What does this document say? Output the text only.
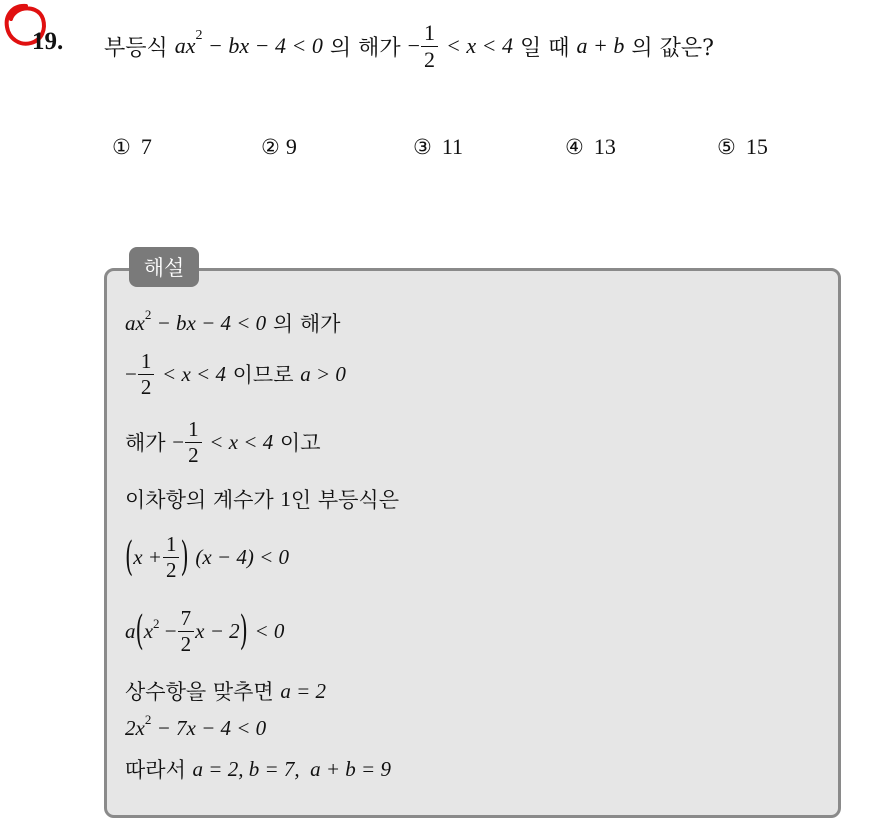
19. 부등식
$ax^2$ − bx − 4 < 0
의 해가
− $\frac{1}{2}$
< x < 4
일 때
a + b
의 값은?
① 7	② 9	③ 11	④ 13	⑤ 15
해설
$ax^2$ − bx − 4 < 0
의 해가
− $\frac{1}{2}$
< x < 4
이므로
a > 0
해가
− $\frac{1}{2}$
< x < 4
이고
이차항의 계수가
1 인 부등식은
( $x + \frac{1}{2}$ )
(x − 4) < 0
a ( $x^2 - \frac{7}{2}$ x − 2 )
< 0
상수항을 맞추면
a = 2
$2x^2 - 7x - 4 < 0$
따라서
a = 2, b = 7,  a + b = 9
